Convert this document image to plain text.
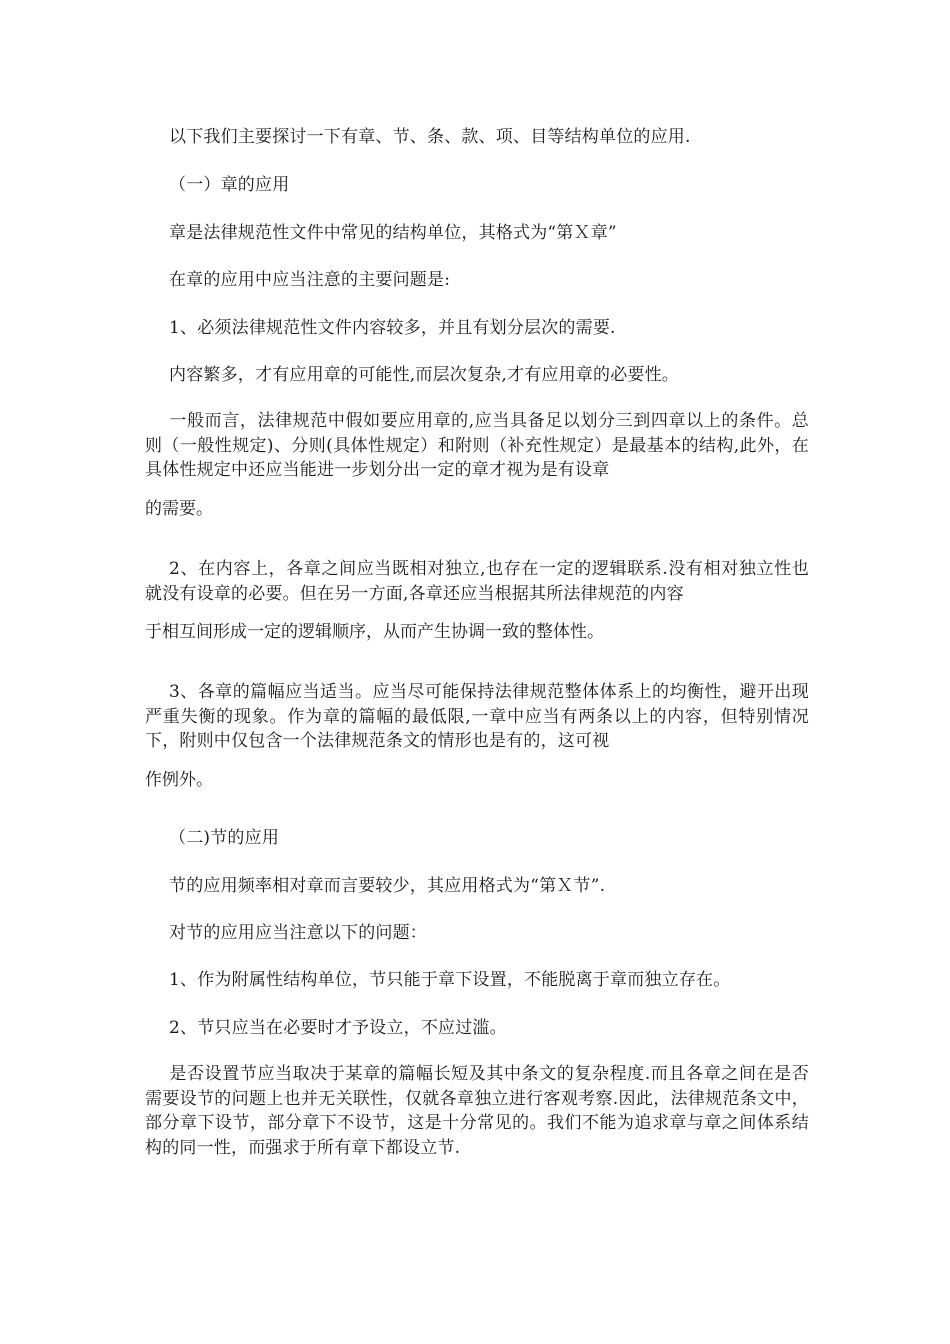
以下我们主要探讨一下有章、节、条、款、项、目等结构单位的应用.
（一）章的应用
章是法律规范性文件中常见的结构单位，其格式为“第Ｘ章”
在章的应用中应当注意的主要问题是:
1、必须法律规范性文件内容较多，并且有划分层次的需要.
内容繁多，才有应用章的可能性,而层次复杂,才有应用章的必要性。
一般而言，法律规范中假如要应用章的,应当具备足以划分三到四章以上的条件。总则（一般性规定)、分则(具体性规定）和附则（补充性规定）是最基本的结构,此外，在具体性规定中还应当能进一步划分出一定的章才视为是有设章
的需要。
2、在内容上，各章之间应当既相对独立,也存在一定的逻辑联系.没有相对独立性也就没有设章的必要。但在另一方面,各章还应当根据其所法律规范的内容
于相互间形成一定的逻辑顺序，从而产生协调一致的整体性。
3、各章的篇幅应当适当。应当尽可能保持法律规范整体体系上的均衡性，避开出现严重失衡的现象。作为章的篇幅的最低限,一章中应当有两条以上的内容，但特别情况下，附则中仅包含一个法律规范条文的情形也是有的，这可视
作例外。
（二)节的应用
节的应用频率相对章而言要较少，其应用格式为“第Ｘ节”.
对节的应用应当注意以下的问题：
1、作为附属性结构单位，节只能于章下设置，不能脱离于章而独立存在。
2、节只应当在必要时才予设立，不应过滥。
是否设置节应当取决于某章的篇幅长短及其中条文的复杂程度.而且各章之间在是否需要设节的问题上也并无关联性，仅就各章独立进行客观考察.因此，法律规范条文中，部分章下设节，部分章下不设节，这是十分常见的。我们不能为追求章与章之间体系结构的同一性，而强求于所有章下都设立节.
